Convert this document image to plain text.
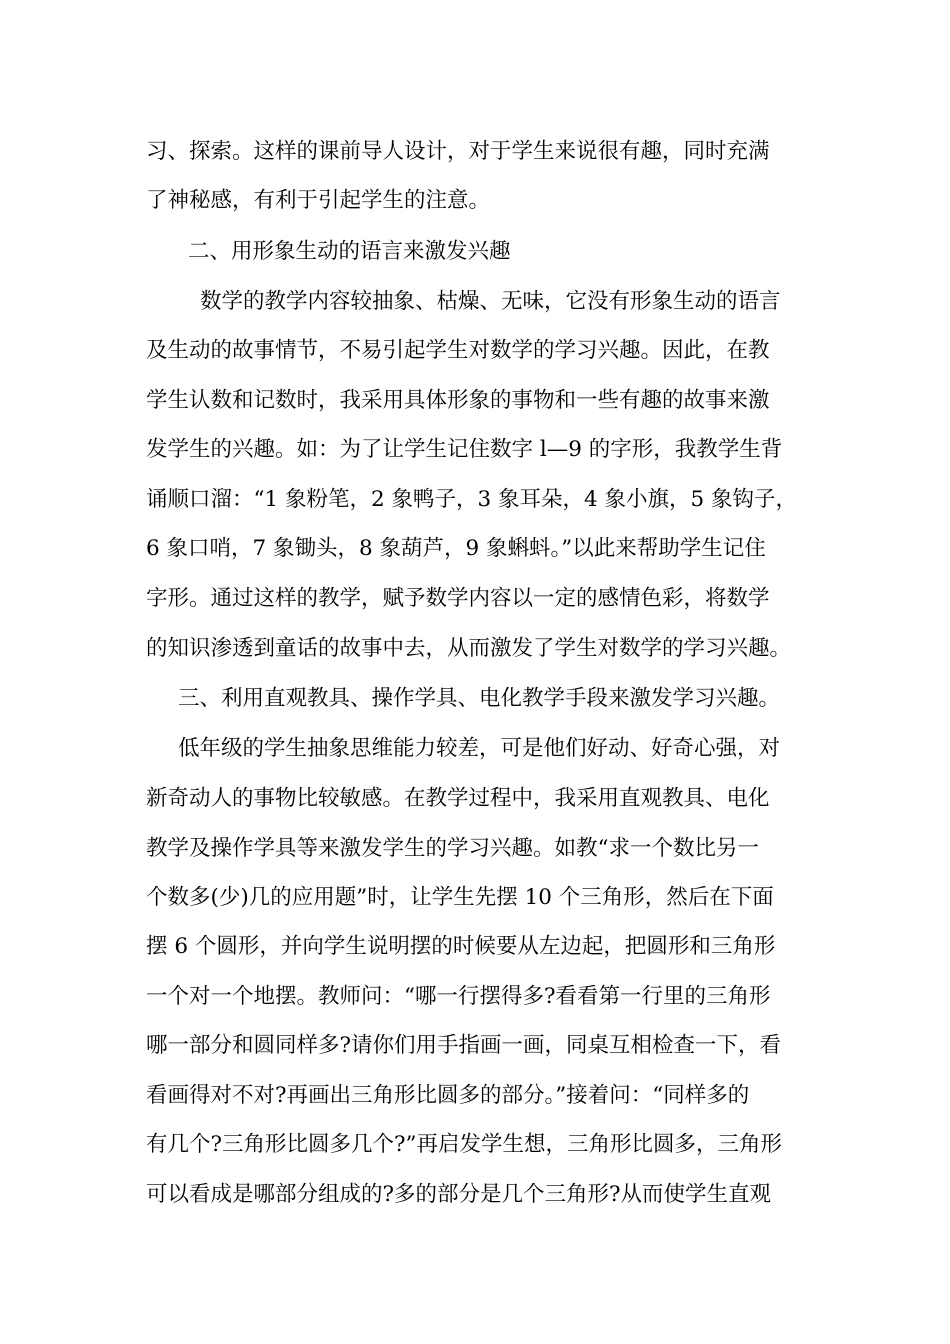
习、探索。这样的课前导人设计，对于学生来说很有趣，同时充满
了神秘感，有利于引起学生的注意。
二、用形象生动的语言来激发兴趣
数学的教学内容较抽象、枯燥、无味，它没有形象生动的语言
及生动的故事情节，不易引起学生对数学的学习兴趣。因此，在教
学生认数和记数时，我采用具体形象的事物和一些有趣的故事来激
发学生的兴趣。如：为了让学生记住数字 l—9 的字形，我教学生背
诵顺口溜：“1 象粉笔，2 象鸭子，3 象耳朵，4 象小旗，5 象钩子，
6 象口哨，7 象锄头，8 象葫芦，9 象蝌蚪。”以此来帮助学生记住
字形。通过这样的教学，赋予数学内容以一定的感情色彩，将数学
的知识渗透到童话的故事中去，从而激发了学生对数学的学习兴趣。
三、利用直观教具、操作学具、电化教学手段来激发学习兴趣。
低年级的学生抽象思维能力较差，可是他们好动、好奇心强，对
新奇动人的事物比较敏感。在教学过程中，我采用直观教具、电化
教学及操作学具等来激发学生的学习兴趣。如教“求一个数比另一
个数多(少)几的应用题”时，让学生先摆 10 个三角形，然后在下面
摆 6 个圆形，并向学生说明摆的时候要从左边起，把圆形和三角形
一个对一个地摆。教师问：“哪一行摆得多?看看第一行里的三角形
哪一部分和圆同样多?请你们用手指画一画，同桌互相检查一下，看
看画得对不对?再画出三角形比圆多的部分。”接着问：“同样多的
有几个?三角形比圆多几个?”再启发学生想，三角形比圆多，三角形
可以看成是哪部分组成的?多的部分是几个三角形?从而使学生直观
